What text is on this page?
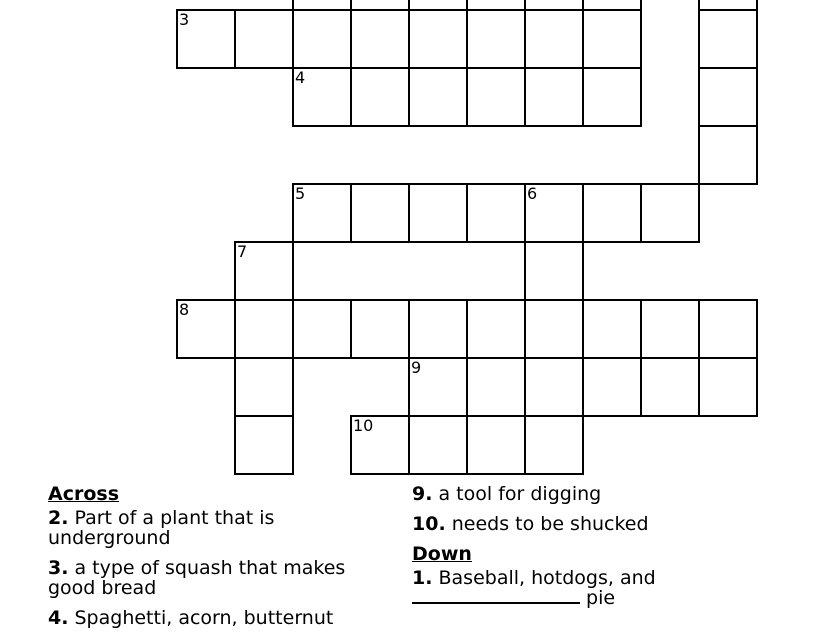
3
4
5	6
7
8
9
10
Across
2. Part of a plant that is underground
3. a type of squash that makes good bread
4. Spaghetti, acorn, butternut
9. a tool for digging
10. needs to be shucked
Down
1. Baseball, hotdogs, and
pie
